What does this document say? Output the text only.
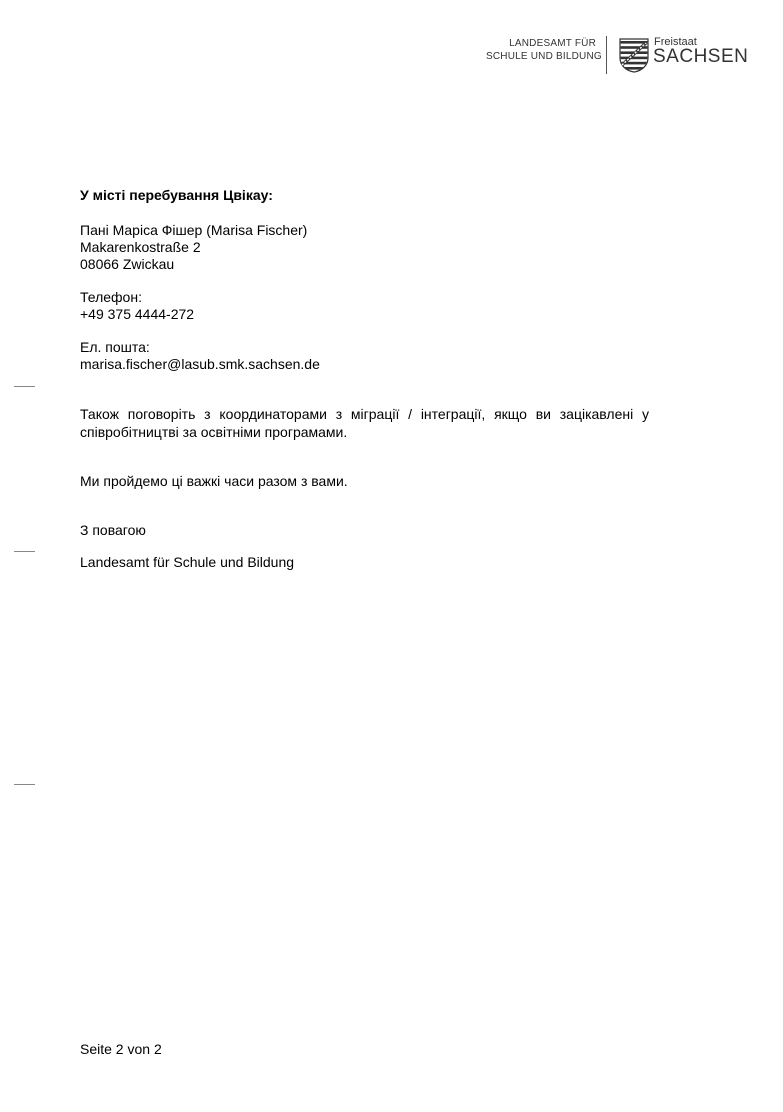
LANDESAMT FÜR
SCHULE UND BILDUNG
Freistaat
SACHSEN
У місті перебування Цвікау:
Пані Маріса Фішер (Marisa Fischer)
Makarenkostraße 2
08066 Zwickau
Телефон:
+49 375 4444-272
Ел. пошта:
marisa.fischer@lasub.smk.sachsen.de
Також поговоріть з координаторами з міграції / інтеграції, якщо ви зацікавлені у
співробітництві за освітніми програмами.
Ми пройдемо ці важкі часи разом з вами.
З повагою
Landesamt für Schule und Bildung
Seite 2 von 2
